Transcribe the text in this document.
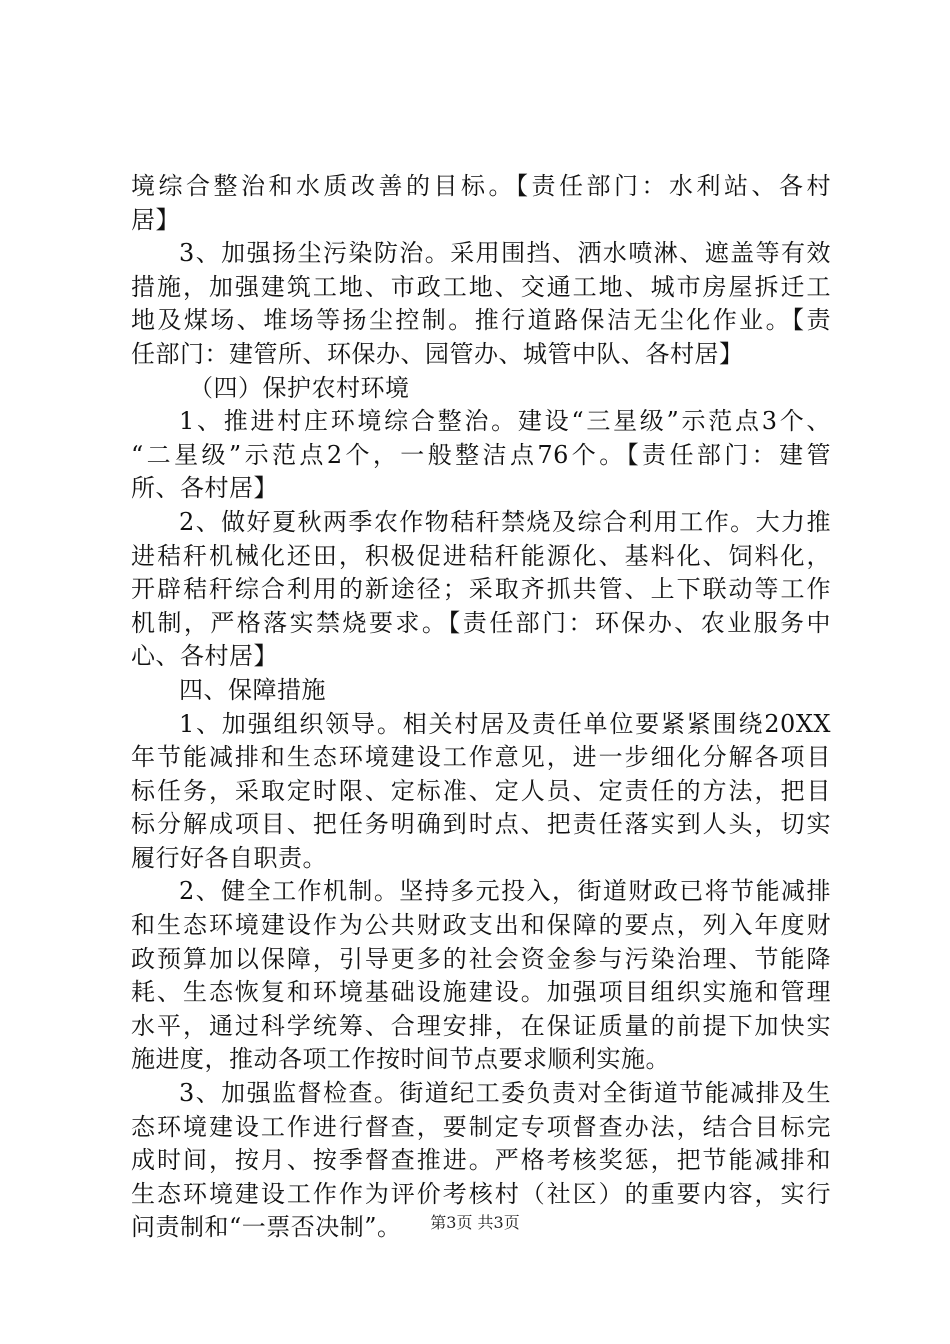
境综合整治和水质改善的目标。【责任部门：水利站、各村
居】
3、加强扬尘污染防治。采用围挡、洒水喷淋、遮盖等有效
措施，加强建筑工地、市政工地、交通工地、城市房屋拆迁工
地及煤场、堆场等扬尘控制。推行道路保洁无尘化作业。【责
任部门：建管所、环保办、园管办、城管中队、各村居】
（四）保护农村环境
1、推进村庄环境综合整治。建设“三星级”示范点3个、
“二星级”示范点2个，一般整洁点76个。【责任部门：建管
所、各村居】
2、做好夏秋两季农作物秸秆禁烧及综合利用工作。大力推
进秸秆机械化还田，积极促进秸秆能源化、基料化、饲料化，
开辟秸秆综合利用的新途径；采取齐抓共管、上下联动等工作
机制，严格落实禁烧要求。【责任部门：环保办、农业服务中
心、各村居】
四、保障措施
1、加强组织领导。相关村居及责任单位要紧紧围绕20XX
年节能减排和生态环境建设工作意见，进一步细化分解各项目
标任务，采取定时限、定标准、定人员、定责任的方法，把目
标分解成项目、把任务明确到时点、把责任落实到人头，切实
履行好各自职责。
2、健全工作机制。坚持多元投入，街道财政已将节能减排
和生态环境建设作为公共财政支出和保障的要点，列入年度财
政预算加以保障，引导更多的社会资金参与污染治理、节能降
耗、生态恢复和环境基础设施建设。加强项目组织实施和管理
水平，通过科学统筹、合理安排，在保证质量的前提下加快实
施进度，推动各项工作按时间节点要求顺利实施。
3、加强监督检查。街道纪工委负责对全街道节能减排及生
态环境建设工作进行督查，要制定专项督查办法，结合目标完
成时间，按月、按季督查推进。严格考核奖惩，把节能减排和
生态环境建设工作作为评价考核村（社区）的重要内容，实行
问责制和“一票否决制”。	第3页 共3页
